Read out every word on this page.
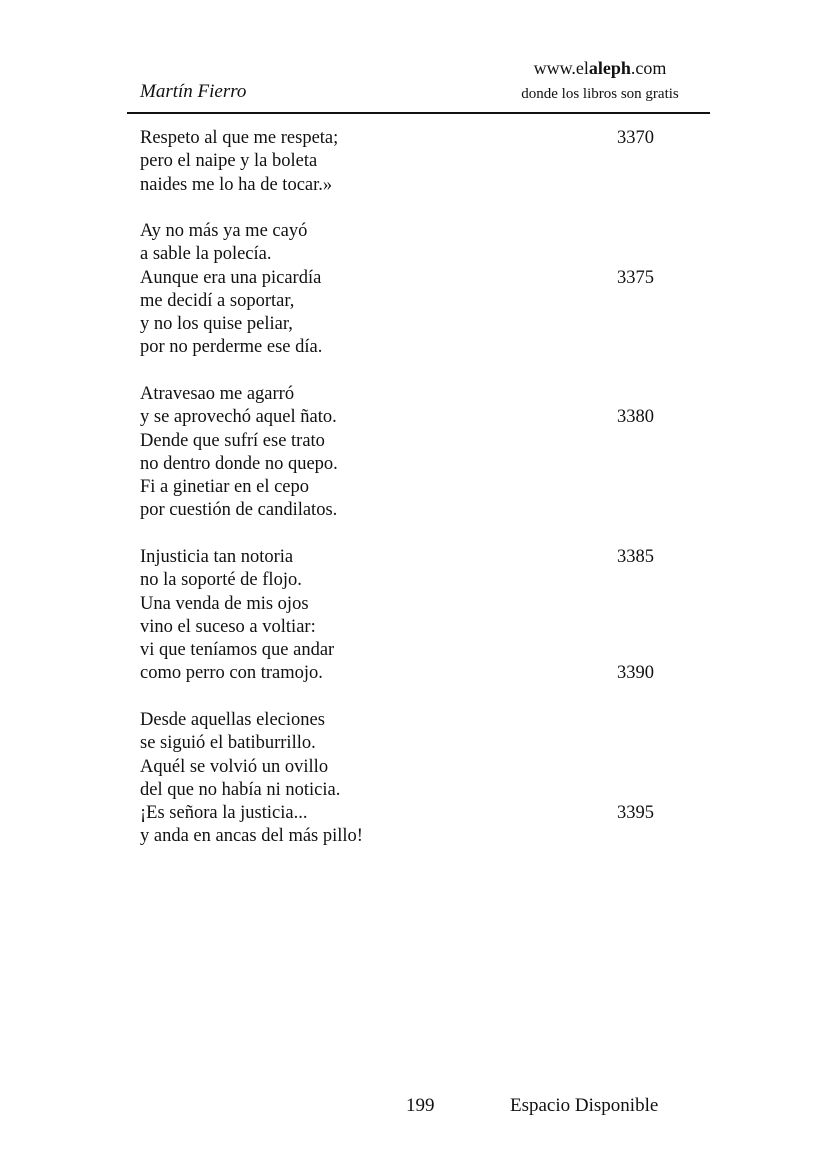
Martín Fierro
www.elaleph.com
donde los libros son gratis
Respeto al que me respeta;	3370
pero el naipe y la boleta
naides me lo ha de tocar.»
Ay no más ya me cayó
a sable la polecía.
Aunque era una picardía	3375
me decidí a soportar,
y no los quise peliar,
por no perderme ese día.
Atravesao me agarró
y se aprovechó aquel ñato.	3380
Dende que sufrí ese trato
no dentro donde no quepo.
Fi a ginetiar en el cepo
por cuestión de candilatos.
Injusticia tan notoria	3385
no la soporté de flojo.
Una venda de mis ojos
vino el suceso a voltiar:
vi que teníamos que andar
como perro con tramojo.	3390
Desde aquellas eleciones
se siguió el batiburrillo.
Aquél se volvió un ovillo
del que no había ni noticia.
¡Es señora la justicia...	3395
y anda en ancas del más pillo!
199	Espacio Disponible
